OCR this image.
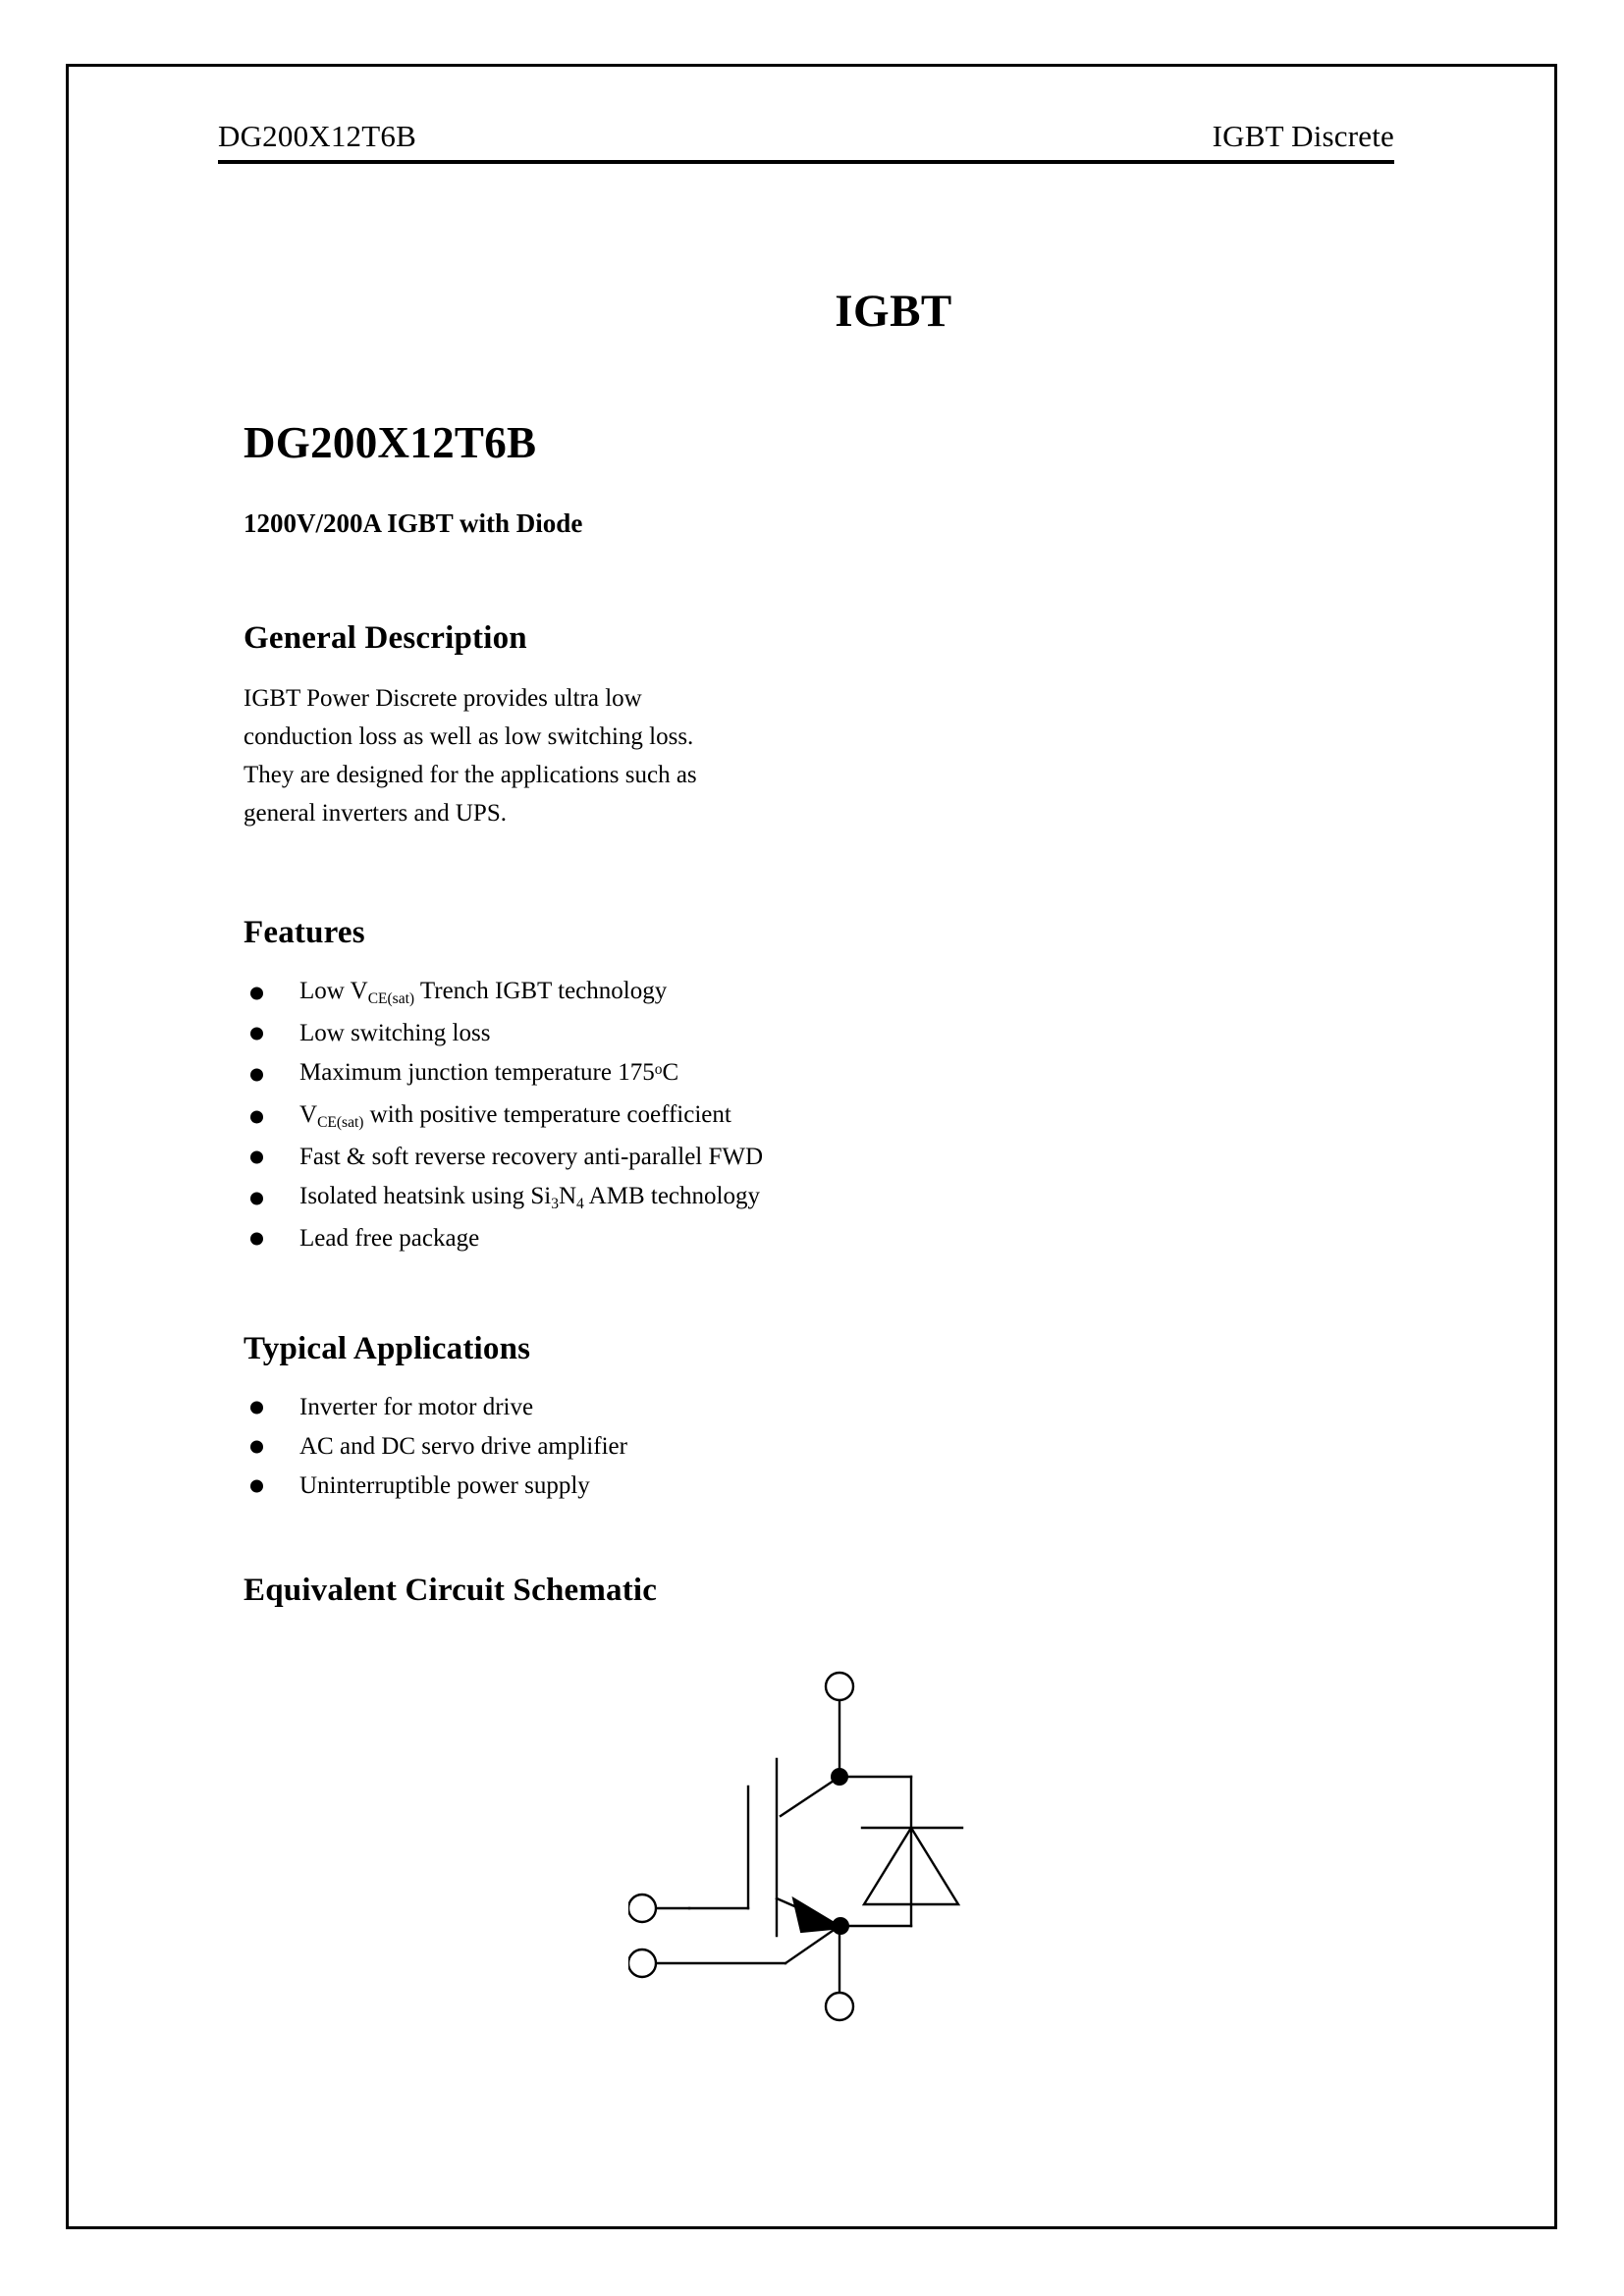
DG200X12T6B	IGBT Discrete
IGBT
DG200X12T6B
1200V/200A IGBT with Diode
General Description

IGBT Power Discrete provides ultra low
conduction loss as well as low switching loss.
They are designed for the applications such as
general inverters and UPS.

Features
Low $V_{CE(sat)}$ Trench IGBT technology
Low switching loss
Maximum junction temperature 175$^o$C
$V_{CE(sat)}$ with positive temperature coefficient
Fast & soft reverse recovery anti-parallel FWD
Isolated heatsink using $Si_3N_4$ AMB technology
Lead free package
Typical Applications
Inverter for motor drive
AC and DC servo drive amplifier
Uninterruptible power supply
Equivalent Circuit Schematic
